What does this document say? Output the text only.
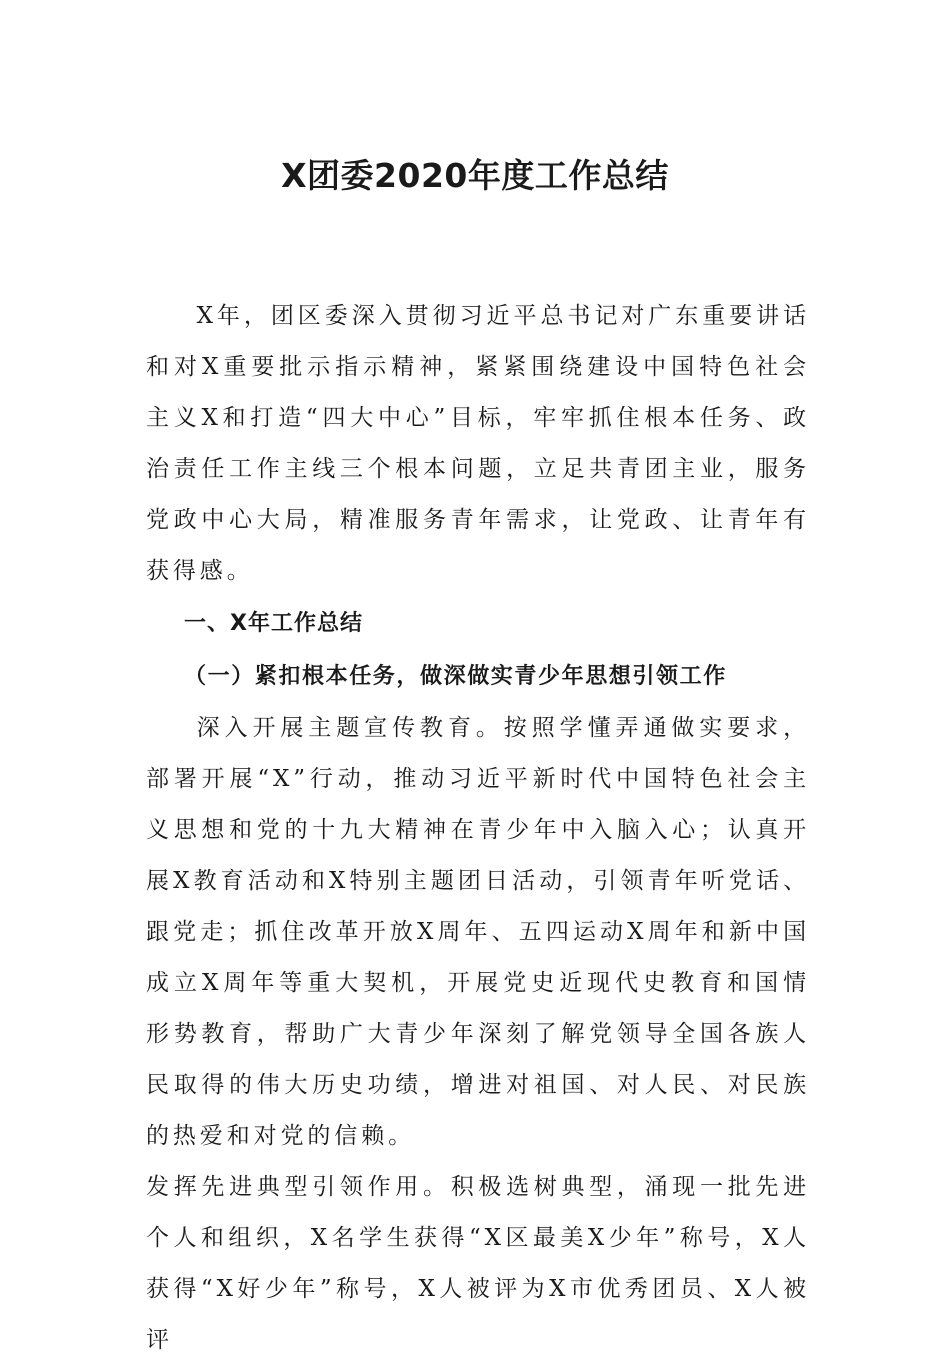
X团委2020年度工作总结

X年，团区委深入贯彻习近平总书记对广东重要讲话和对X重要批示指示精神，紧紧围绕建设中国特色社会主义X和打造“四大中心”目标，牢牢抓住根本任务、政治责任工作主线三个根本问题，立足共青团主业，服务党政中心大局，精准服务青年需求，让党政、让青年有获得感。

一、X年工作总结

（一）紧扣根本任务，做深做实青少年思想引领工作

深入开展主题宣传教育。按照学懂弄通做实要求，部署开展“X”行动，推动习近平新时代中国特色社会主义思想和党的十九大精神在青少年中入脑入心；认真开展X教育活动和X特别主题团日活动，引领青年听党话、跟党走；抓住改革开放X周年、五四运动X周年和新中国成立X周年等重大契机，开展党史近现代史教育和国情形势教育，帮助广大青少年深刻了解党领导全国各族人民取得的伟大历史功绩，增进对祖国、对人民、对民族的热爱和对党的信赖。

发挥先进典型引领作用。积极选树典型，涌现一批先进个人和组织，X名学生获得“X区最美X少年”称号，X人获得“X好少年”称号，X人被评为X市优秀团员、X人被评
